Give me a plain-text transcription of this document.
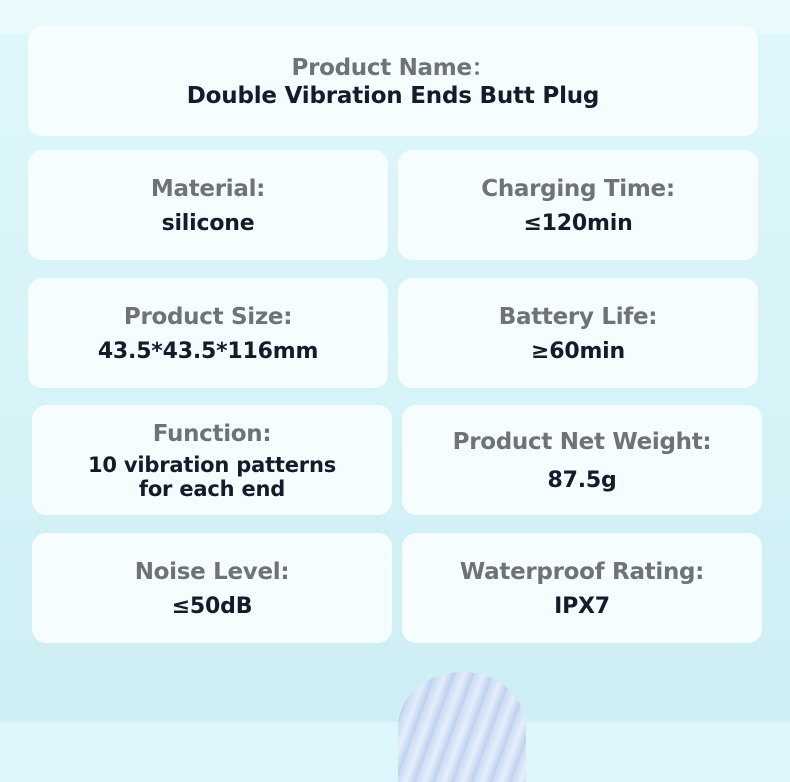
Product Name：
Double Vibration Ends Butt Plug
Material:
silicone
Charging Time:
≤120min
Product Size:
43.5*43.5*116mm
Battery Life:
≥60min
Function:
10 vibration patterns
for each end
Product Net Weight:
87.5g
Noise Level:
≤50dB
Waterproof Rating:
IPX7
